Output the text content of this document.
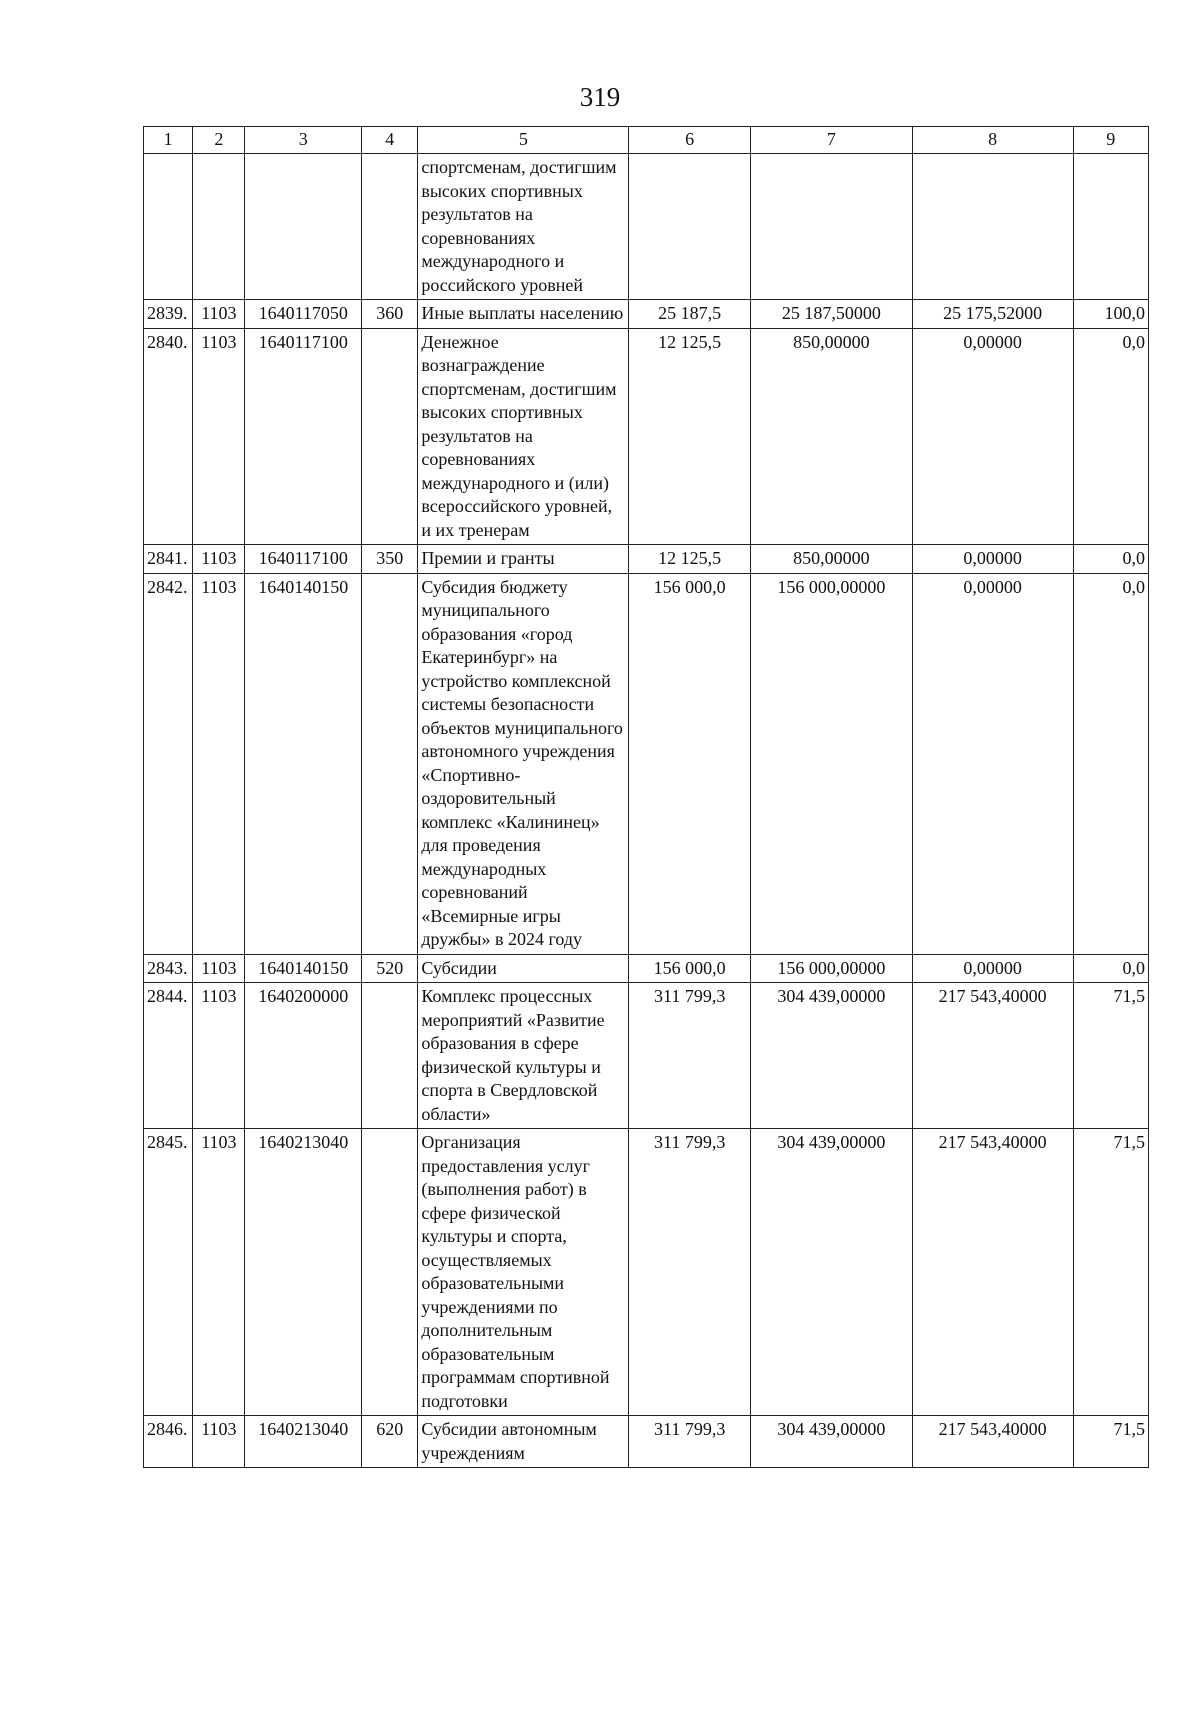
319
1	2	3	4	5	6	7	8	9
				спортсменам, достигшим высоких спортивных результатов на соревнованиях международного и российского уровней				
2839.	1103	1640117050	360	Иные выплаты населению	25 187,5	25 187,50000	25 175,52000	100,0
2840.	1103	1640117100		Денежное вознаграждение спортсменам, достигшим высоких спортивных результатов на соревнованиях международного и (или) всероссийского уровней, и их тренерам	12 125,5	850,00000	0,00000	0,0
2841.	1103	1640117100	350	Премии и гранты	12 125,5	850,00000	0,00000	0,0
2842.	1103	1640140150		Субсидия бюджету муниципального образования «город Екатеринбург» на устройство комплексной системы безопасности объектов муниципального автономного учреждения «Спортивно-оздоровительный комплекс «Калининец» для проведения международных соревнований «Всемирные игры дружбы» в 2024 году	156 000,0	156 000,00000	0,00000	0,0
2843.	1103	1640140150	520	Субсидии	156 000,0	156 000,00000	0,00000	0,0
2844.	1103	1640200000		Комплекс процессных мероприятий «Развитие образования в сфере физической культуры и спорта в Свердловской области»	311 799,3	304 439,00000	217 543,40000	71,5
2845.	1103	1640213040		Организация предоставления услуг (выполнения работ) в сфере физической культуры и спорта, осуществляемых образовательными учреждениями по дополнительным образовательным программам спортивной подготовки	311 799,3	304 439,00000	217 543,40000	71,5
2846.	1103	1640213040	620	Субсидии автономным учреждениям	311 799,3	304 439,00000	217 543,40000	71,5
